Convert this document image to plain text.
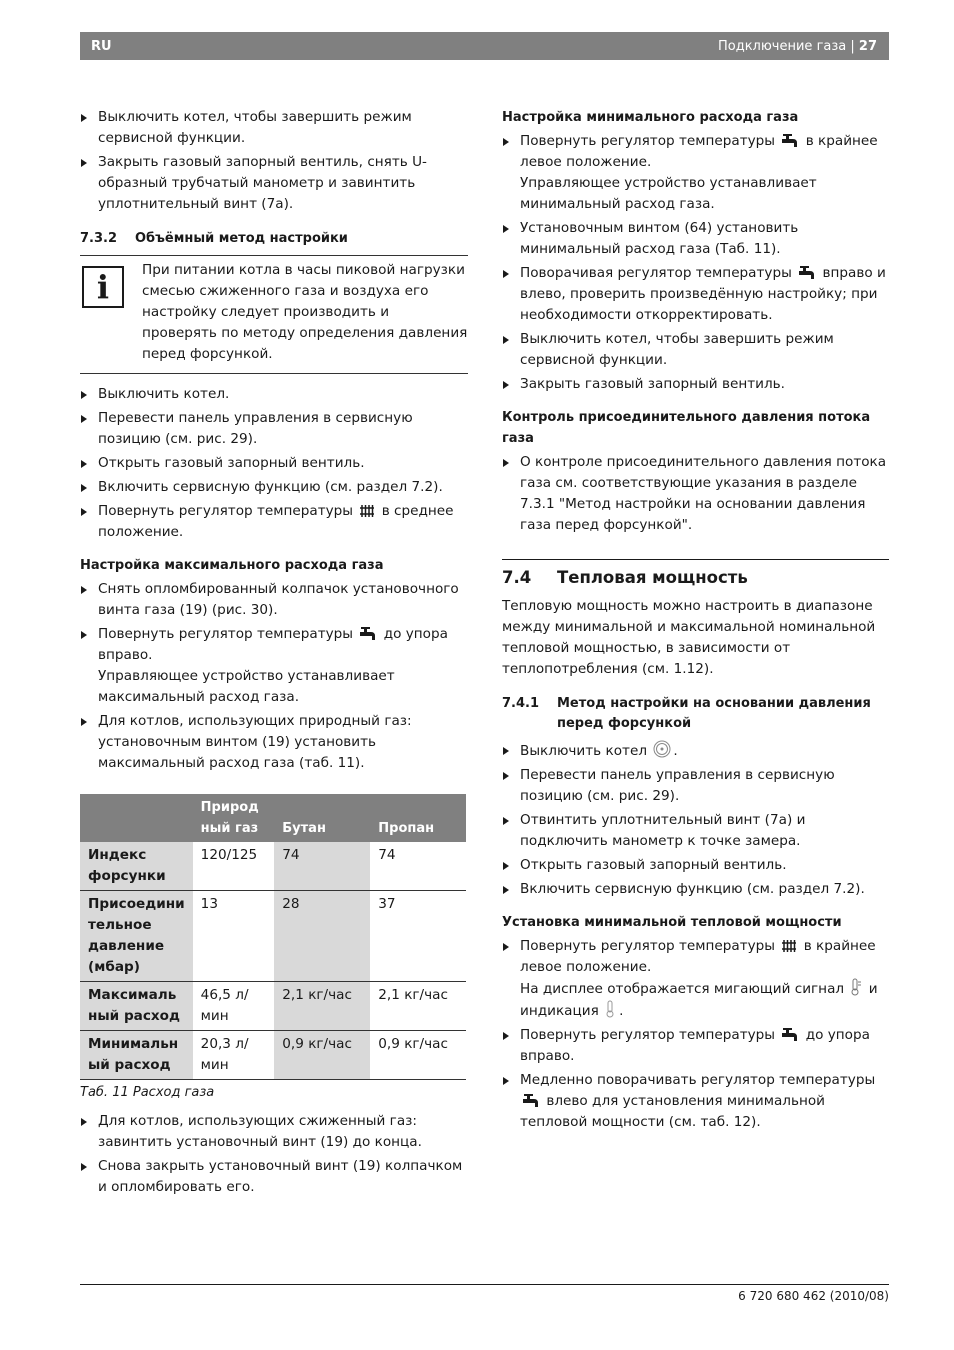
RU	Подключение газа | 27
Выключить котел, чтобы завершить режим сервисной функции.
Закрыть газовый запорный вентиль, снять U-образный трубчатый манометр и завинтить уплотнительный винт (7a).
7.3.2	Объёмный метод настройки
i	При питании котла в часы пиковой нагрузки смесью сжиженного газа и воздуха его настройку следует производить и проверять по методу определения давления перед форсункой.

Выключить котел.
Перевести панель управления в сервисную позицию (см. рис. 29).
Открыть газовый запорный вентиль.
Включить сервисную функцию (см. раздел 7.2).
Повернуть регулятор температуры в среднее положение.
Настройка максимального расхода газа
Снять опломбированный колпачок установочного винта газа (19) (рис. 30).
Повернуть регулятор температуры до упора вправо.
Управляющее устройство устанавливает максимальный расход газа.
Для котлов, использующих природный газ: установочным винтом (19) установить максимальный расход газа (таб. 11).
	Природ ный газ	Бутан	Пропан
Индекс форсунки	120/125	74	74
Присоедини тельное давление (мбар)	13	28	37
Максималь ный расход	46,5 л/мин	2,1 кг/час	2,1 кг/час
Минимальн ый расход	20,3 л/мин	0,9 кг/час	0,9 кг/час
Таб. 11 Расход газа
Для котлов, использующих сжиженный газ: завинтить установочный винт (19) до конца.
Снова закрыть установочный винт (19) колпачком и опломбировать его.
Настройка минимального расхода газа
Повернуть регулятор температуры в крайнее левое положение.
Управляющее устройство устанавливает минимальный расход газа.
Установочным винтом (64) установить минимальный расход газа (Таб. 11).
Поворачивая регулятор температуры вправо и влево, проверить произведённую настройку; при необходимости откорректировать.
Выключить котел, чтобы завершить режим сервисной функции.
Закрыть газовый запорный вентиль.
Контроль присоединительного давления потока газа
О контроле присоединительного давления потока газа см. соответствующие указания в разделе 7.3.1 "Метод настройки на основании давления газа перед форсункой".
7.4	Тепловая мощность

Тепловую мощность можно настроить в диапазоне между минимальной и максимальной номинальной тепловой мощностью, в зависимости от теплопотребления (см. 1.12).

7.4.1	Метод настройки на основании давления перед форсункой
Выключить котел .
Перевести панель управления в сервисную позицию (см. рис. 29).
Отвинтить уплотнительный винт (7a) и подключить манометр к точке замера.
Открыть газовый запорный вентиль.
Включить сервисную функцию (см. раздел 7.2).
Установка минимальной тепловой мощности
Повернуть регулятор температуры в крайнее левое положение.
На дисплее отображается мигающий сигнал и индикация .
Повернуть регулятор температуры до упора вправо.
Медленно поворачивать регулятор температуры  влево для установления минимальной тепловой мощности (см. таб. 12).
6 720 680 462 (2010/08)
